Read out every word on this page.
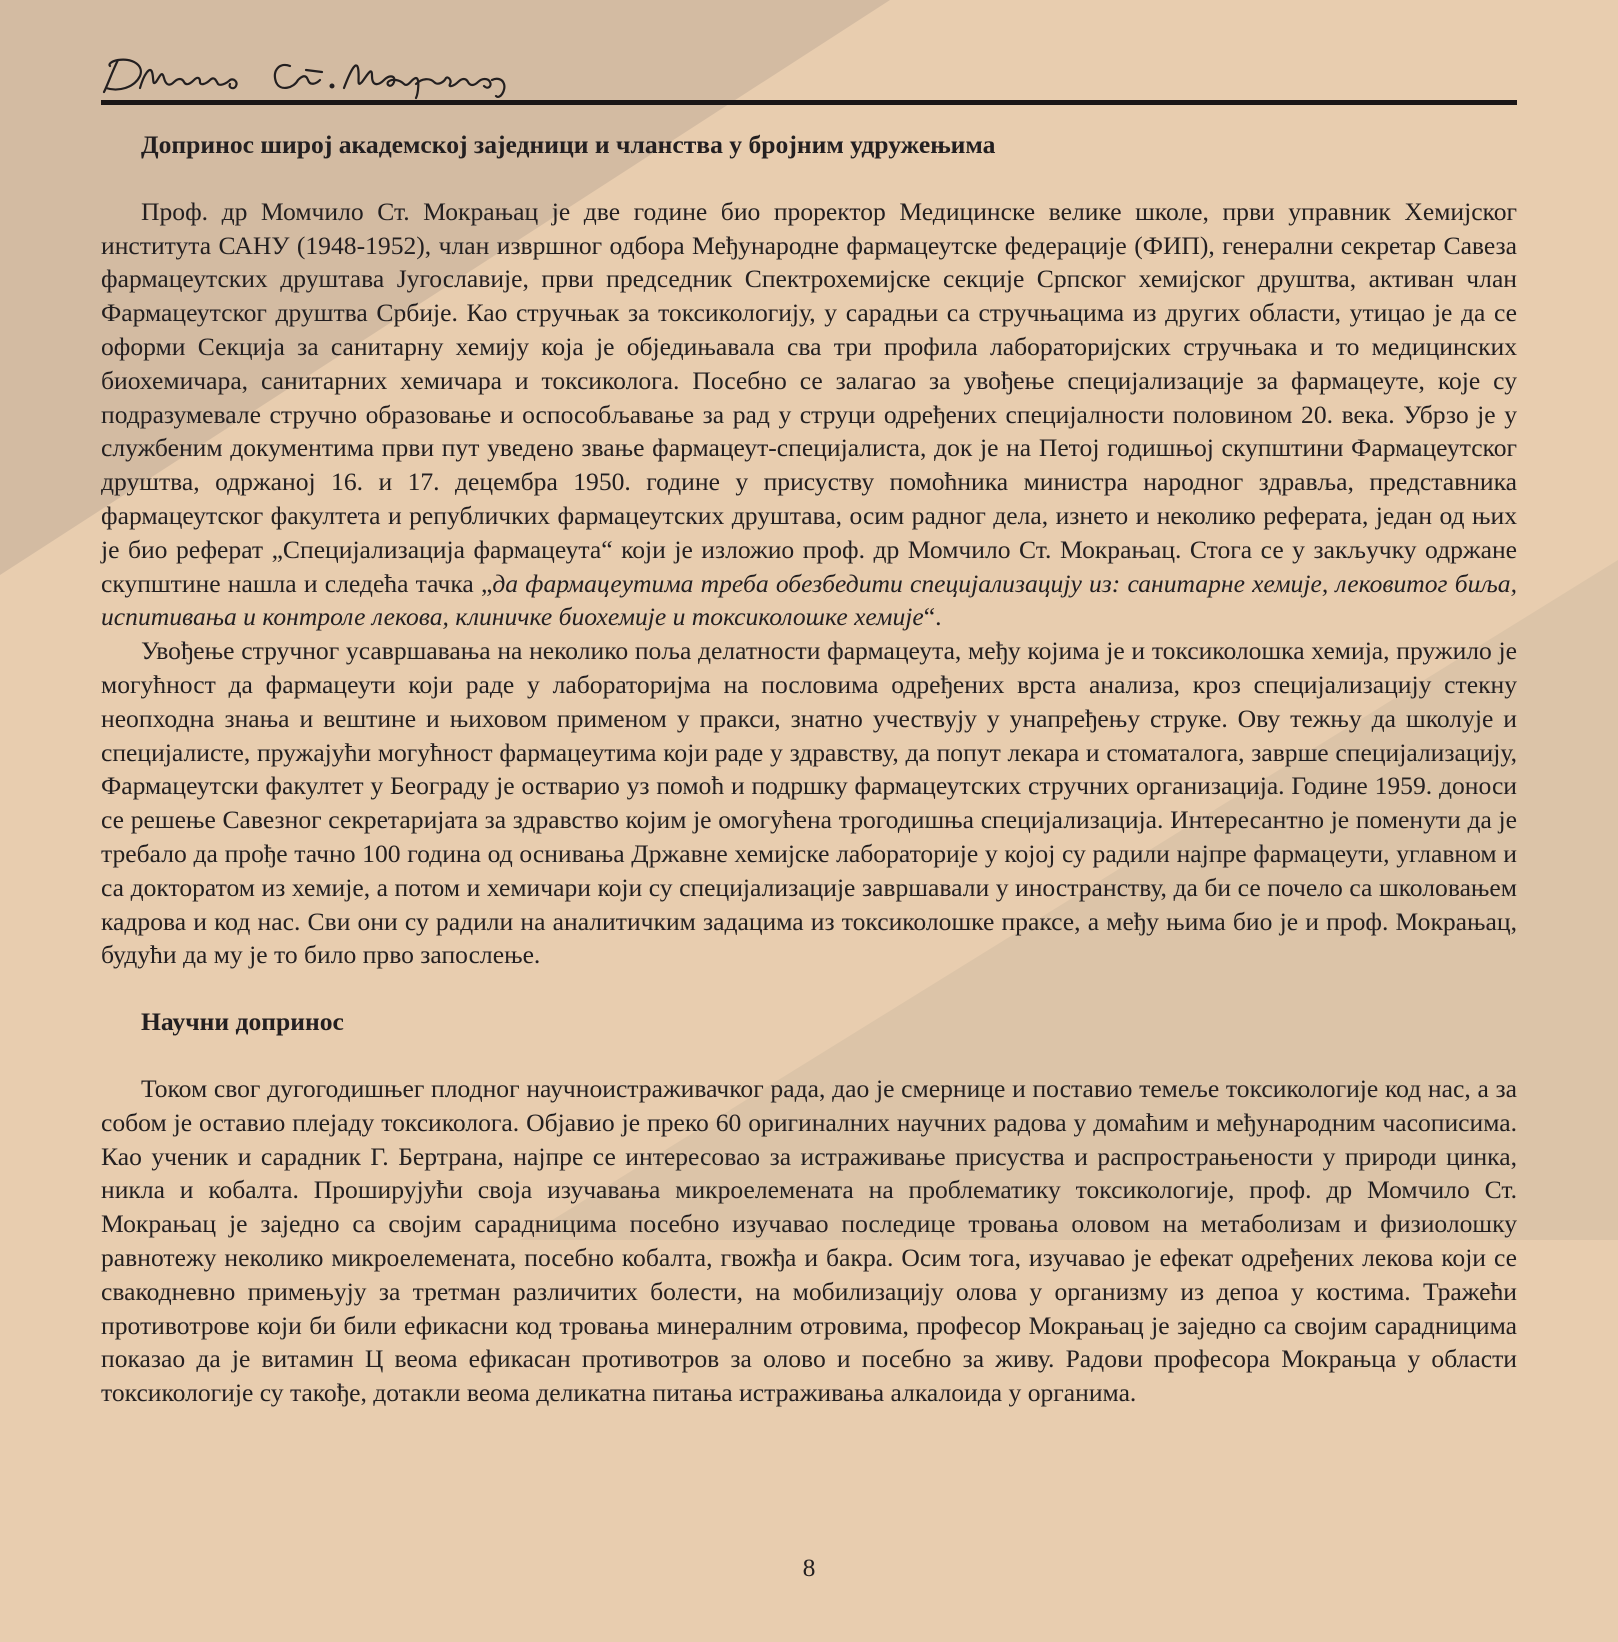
Допринос широј академској заједници и чланства у бројним удружењима

Проф. др Момчило Ст. Мокрањац је две године био проректор Медицинске велике школе, први управник Хемијског института САНУ (1948-1952), члан извршног одбора Међународне фармацеутске федерације (ФИП), генерални секретар Савеза фармацеутских друштава Југославије, први председник Спектрохемијске секције Српског хемијског друштва, активан члан Фармацеутског друштва Србије. Као стручњак за токсикологију, у сарадњи са стручњацима из других области, утицао је да се оформи Секција за санитарну хемију која је обједињавала сва три профила лабораторијских стручњака и то медицинских биохемичара, санитарних хемичара и токсиколога. Посебно се залагао за увођење специјализације за фармацеуте, које су подразумевале стручно образовање и оспособљавање за рад у струци одређених специјалности половином 20. века. Убрзо је у службеним документима први пут уведено звање фармацеут-специјалиста, док је на Петој годишњој скупштини Фармацеутског друштва, одржаној 16. и 17. децембра 1950. године у присуству помоћника министра народног здравља, представника фармацеутског факултета и републичких фармацеутских друштава, осим радног дела, изнето и неколико реферата, један од њих је био реферат „Специјализација фармацеута“ који је изложио проф. др Момчило Ст. Мокрањац. Стога се у закључку одржане скупштине нашла и следећа тачка „да фармацеутима треба обезбедити специјализацију из: санитарне хемије, лековитог биља, испитивања и контроле лекова, клиничке биохемије и токсиколошке хемије“.

Увођење стручног усавршавања на неколико поља делатности фармацеута, међу којима је и токсиколошка хемија, пружило је могућност да фармацеути који раде у лабораторијма на пословима одређених врста анализа, кроз специјализацију стекну неопходна знања и вештине и њиховом применом у пракси, знатно учествују у унапређењу струке. Ову тежњу да школује и специјалисте, пружајући могућност фармацеутима који раде у здравству, да попут лекара и стоматалога, заврше специјализацију, Фармацеутски факултет у Београду је остварио уз помоћ и подршку фармацеутских стручних организација. Године 1959. доноси се решење Савезног секретаријата за здравство којим је омогућена трогодишња специјализација. Интересантно је поменути да је требало да прође тачно 100 година од оснивања Државне хемијске лабораторије у којој су радили најпре фармацеути, углавном и са докторатом из хемије, а потом и хемичари који су специјализације завршавали у иностранству, да би се почело са школовањем кадрова и код нас. Сви они су радили на аналитичким задацима из токсиколошке праксе, а међу њима био је и проф. Мокрањац, будући да му је то било прво запослење.

Научни допринос

Током свог дугогодишњег плодног научноистраживачког рада, дао је смернице и поставио темеље токсикологије код нас, а за собом је оставио плејаду токсиколога. Објавио је преко 60 оригиналних научних радова у домаћим и међународним часописима. Као ученик и сарадник Г. Бертрана, најпре се интересовао за истраживање присуства и распрострањености у природи цинка, никла и кобалта. Проширујући своја изучавања микроелемената на проблематику токсикологије, проф. др Момчило Ст. Мокрањац је заједно са својим сарадницима посебно изучавао последице тровања оловом на метаболизам и физиолошку равнотежу неколико микроелемената, посебно кобалта, гвожђа и бакра. Осим тога, изучавао је ефекат одређених лекова који се свакодневно примењују за третман различитих болести, на мобилизацију олова у организму из депоа у костима. Тражећи противотрове који би били ефикасни код тровања минералним отровима, професор Мокрањац је заједно са својим сарадницима показао да је витамин Ц веома ефикасан противотров за олово и посебно за живу. Радови професора Мокрањца у области токсикологије су такође, дотакли веома деликатна питања истраживања алкалоида у органима.

8
